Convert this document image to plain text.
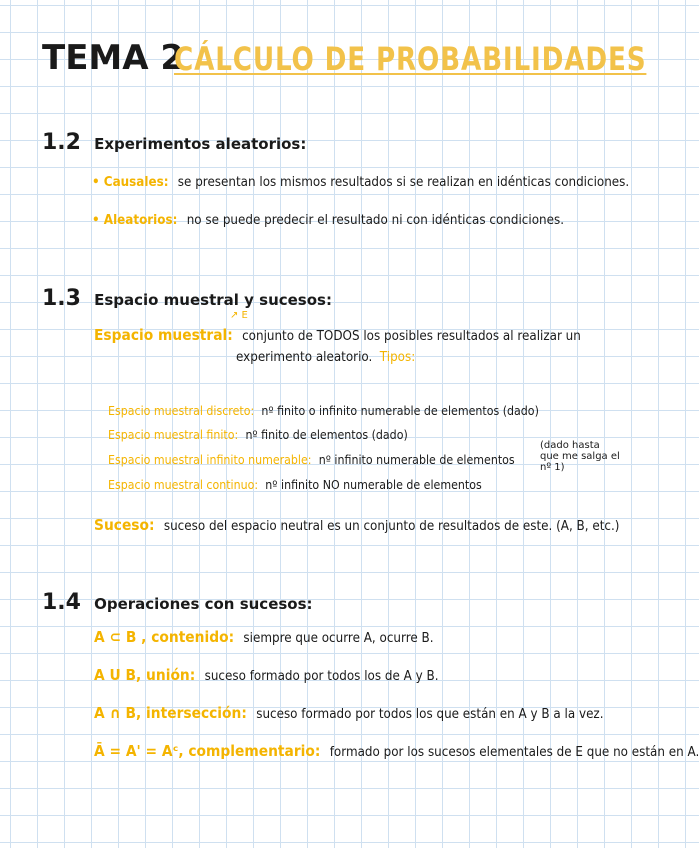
TEMA 2
CÁLCULO DE PROBABILIDADES
1.2 Experimentos aleatorios:
• Causales: se presentan los mismos resultados si se realizan en idénticas condiciones.
• Aleatorios: no se puede predecir el resultado ni con idénticas condiciones.
1.3 Espacio muestral y sucesos:
↗ E
Espacio muestral: conjunto de TODOS los posibles resultados al realizar un
experimento aleatorio. Tipos:
Espacio muestral discreto: nº finito o infinito numerable de elementos (dado)
Espacio muestral finito: nº finito de elementos (dado)
Espacio muestral infinito numerable: nº infinito numerable de elementos
(dado hasta que me salga el nº 1)
Espacio muestral continuo: nº infinito NO numerable de elementos
Suceso: suceso del espacio neutral es un conjunto de resultados de este. (A, B, etc.)
1.4 Operaciones con sucesos:
A ⊂ B , contenido: siempre que ocurre A, ocurre B.
A U B, unión: suceso formado por todos los de A y B.
A ∩ B, intersección: suceso formado por todos los que están en A y B a la vez.
Ā = A' = Aᶜ, complementario: formado por los sucesos elementales de E que no están en A.
